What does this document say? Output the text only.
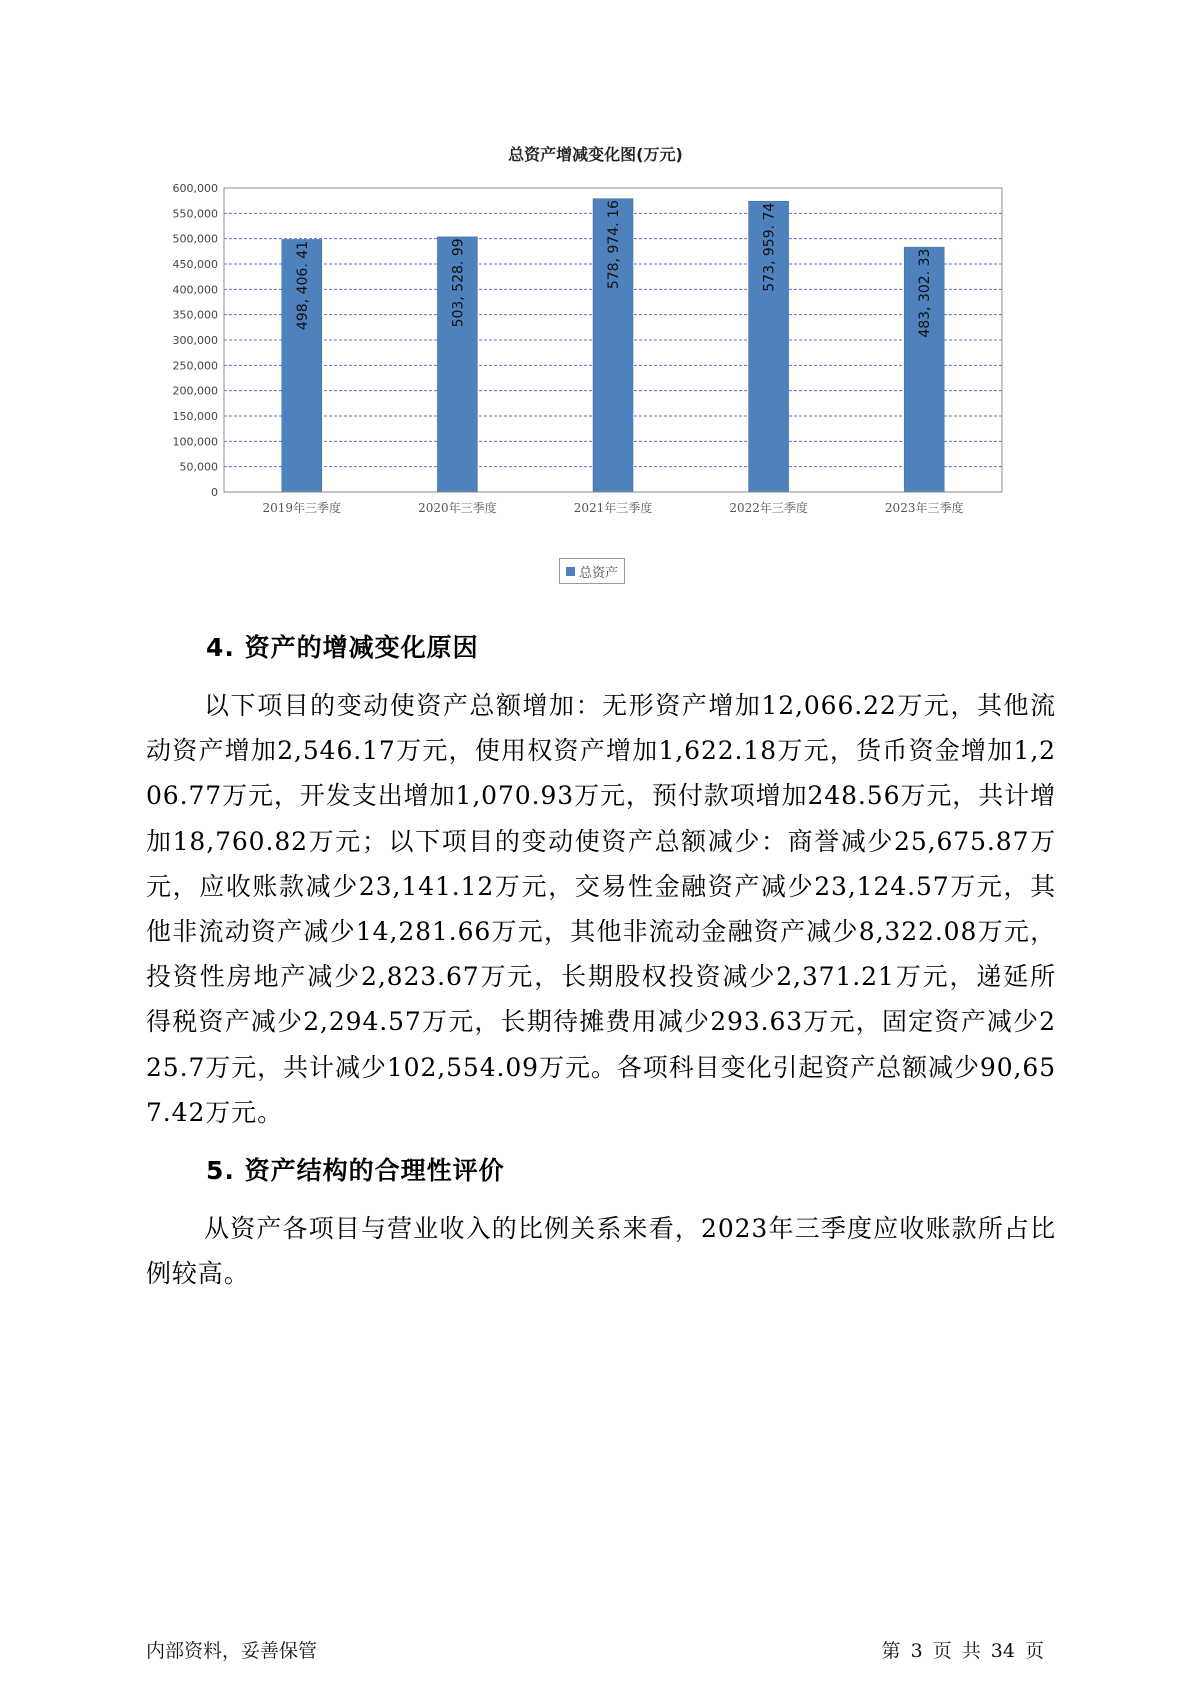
总资产增减变化图(万元)
0
50,000
100,000
150,000
200,000
250,000
300,000
350,000
400,000
450,000
500,000
550,000
600,000
498, 406. 41	503, 528. 99	578, 974. 16	573, 959. 74
483, 302. 33
2019年三季度	2020年三季度	2021年三季度	2022年三季度	2023年三季度
总资产
4. 资产的增减变化原因

以下项目的变动使资产总额增加：无形资产增加12,066.22万元，其他流动资产增加2,546.17万元，使用权资产增加1,622.18万元，货币资金增加1,206.77万元，开发支出增加1,070.93万元，预付款项增加248.56万元，共计增加18,760.82万元；以下项目的变动使资产总额减少：商誉减少25,675.87万元，应收账款减少23,141.12万元，交易性金融资产减少23,124.57万元，其他非流动资产减少14,281.66万元，其他非流动金融资产减少8,322.08万元，投资性房地产减少2,823.67万元，长期股权投资减少2,371.21万元，递延所得税资产减少2,294.57万元，长期待摊费用减少293.63万元，固定资产减少225.7万元，共计减少102,554.09万元。各项科目变化引起资产总额减少90,657.42万元。

5. 资产结构的合理性评价

从资产各项目与营业收入的比例关系来看，2023年三季度应收账款所占比例较高。

内部资料，妥善保管	第 3 页 共 34 页
